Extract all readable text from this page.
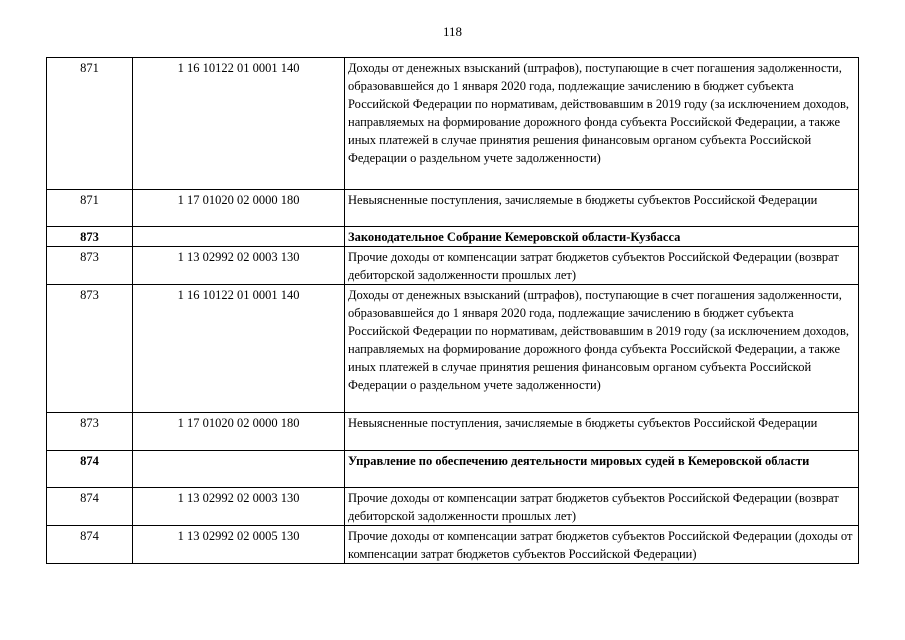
118
871	1 16 10122 01 0001 140	Доходы от денежных взысканий (штрафов), поступающие в счет погашения задолженности, образовавшейся до 1 января 2020 года, подлежащие зачислению в бюджет субъекта Российской Федерации по нормативам, действовавшим в 2019 году (за исключением доходов, направляемых на формирование дорожного фонда субъекта Российской Федерации, а также иных платежей в случае принятия решения финансовым органом субъекта Российской Федерации о раздельном учете задолженности)
871	1 17 01020 02 0000 180	Невыясненные поступления, зачисляемые в бюджеты субъектов Российской Федерации
873		Законодательное Собрание Кемеровской области-Кузбасса
873	1 13 02992 02 0003 130	Прочие доходы от компенсации затрат бюджетов субъектов Российской Федерации (возврат дебиторской задолженности прошлых лет)
873	1 16 10122 01 0001 140	Доходы от денежных взысканий (штрафов), поступающие в счет погашения задолженности, образовавшейся до 1 января 2020 года, подлежащие зачислению в бюджет субъекта Российской Федерации по нормативам, действовавшим в 2019 году (за исключением доходов, направляемых на формирование дорожного фонда субъекта Российской Федерации, а также иных платежей в случае принятия решения финансовым органом субъекта Российской Федерации о раздельном учете задолженности)
873	1 17 01020 02 0000 180	Невыясненные поступления, зачисляемые в бюджеты субъектов Российской Федерации
874		Управление по обеспечению деятельности мировых судей в Кемеровской области
874	1 13 02992 02 0003 130	Прочие доходы от компенсации затрат бюджетов субъектов Российской Федерации (возврат дебиторской задолженности прошлых лет)
874	1 13 02992 02 0005 130	Прочие доходы от компенсации затрат бюджетов субъектов Российской Федерации (доходы от компенсации затрат бюджетов субъектов Российской Федерации)
